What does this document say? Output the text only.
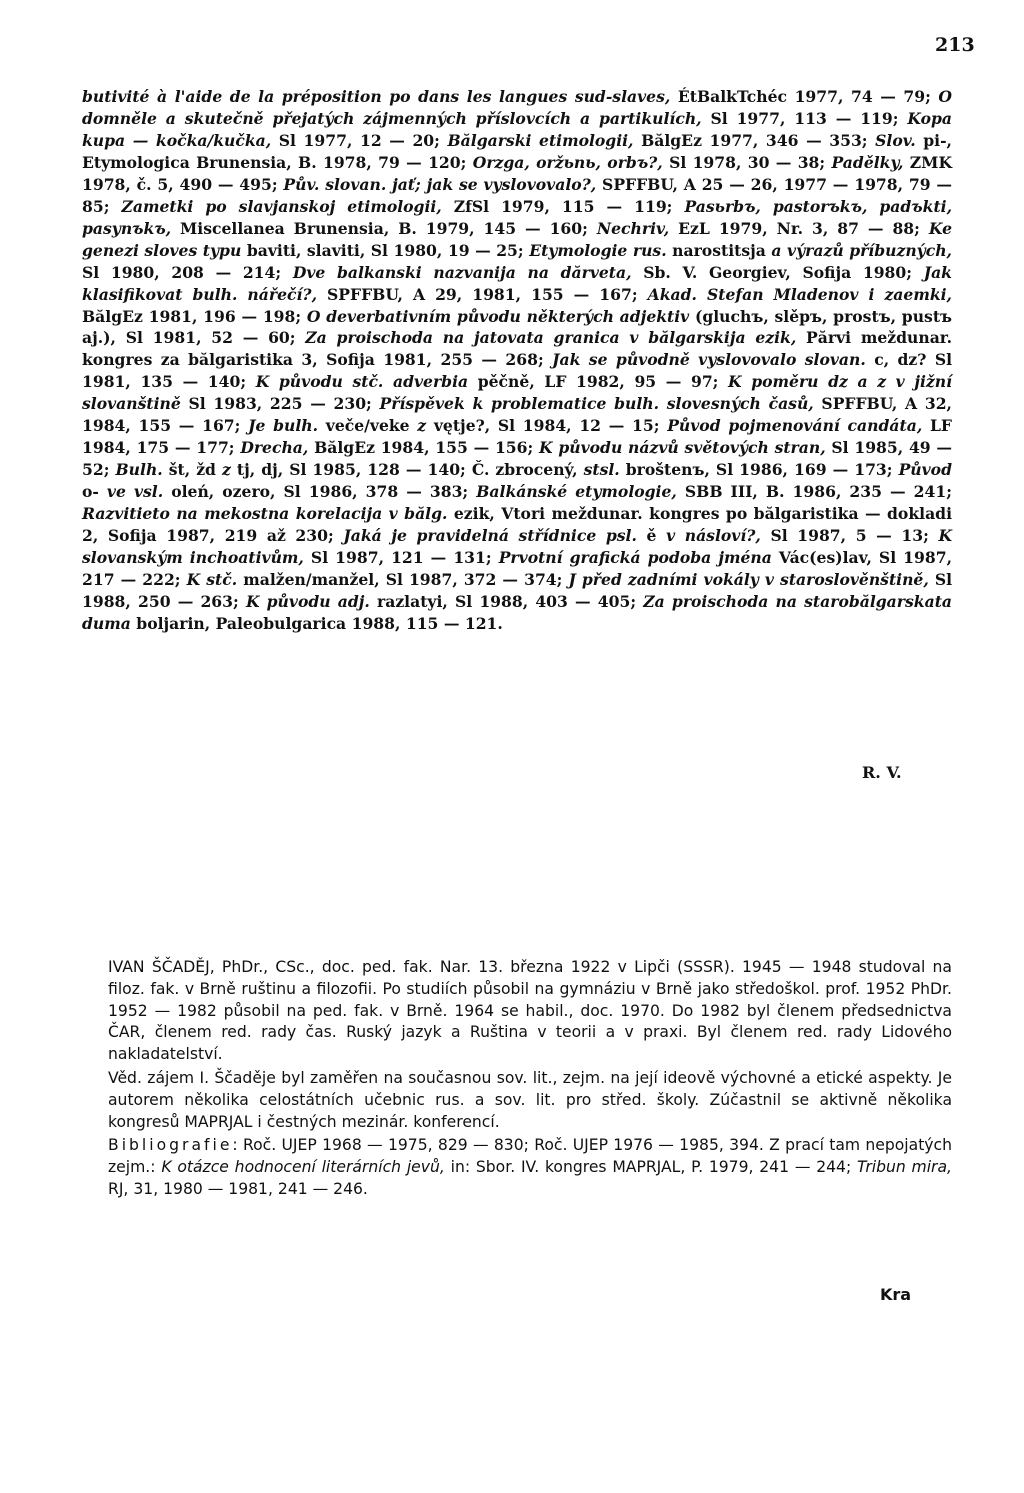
213

butivité à l'aide de la préposition po dans les langues sud-slaves, ÉtBalkTchéc 1977, 74 — 79; O domněle a skutečně přejatých zájmenných příslovcích a partikulích, Sl 1977, 113 — 119; Kopa kupa — kočka/kučka, Sl 1977, 12 — 20; Bălgarski etimologii, BălgEz 1977, 346 — 353; Slov. pi-, Etymologica Brunensia, B. 1978, 79 — 120; Orzga, oržьпь, orbъ?, Sl 1978, 30 — 38; Padělky, ZMK 1978, č. 5, 490 — 495; Pův. slovan. jať; jak se vyslovovalo?, SPFFBU, A 25 — 26, 1977 — 1978, 79 — 85; Zametki po slavjanskoj etimologii, ZfSl 1979, 115 — 119; Pasьrbъ, pastorъkъ, padъkti, pasynъkъ, Miscellanea Brunensia, B. 1979, 145 — 160; Nechriv, EzL 1979, Nr. 3, 87 — 88; Ke genezi sloves typu baviti, slaviti, Sl 1980, 19 — 25; Etymologie rus. narostitsja a výrazů příbuzných, Sl 1980, 208 — 214; Dve balkanski nazvanija na dărveta, Sb. V. Georgiev, Sofija 1980; Jak klasifikovat bulh. nářečí?, SPFFBU, A 29, 1981, 155 — 167; Akad. Stefan Mladenov i zaemki, BălgEz 1981, 196 — 198; O deverbativním původu některých adjektiv (gluchъ, slěpъ, prostъ, pustъ aj.), Sl 1981, 52 — 60; Za proischoda na jatovata granica v bălgarskija ezik, Părvi meždunar. kongres za bălgaristika 3, Sofija 1981, 255 — 268; Jak se původně vyslovovalo slovan. c, dz? Sl 1981, 135 — 140; K původu stč. adverbia pěčně, LF 1982, 95 — 97; K poměru dz a z v jižní slovanštině Sl 1983, 225 — 230; Příspěvek k problematice bulh. slovesných časů, SPFFBU, A 32, 1984, 155 — 167; Je bulh. veče/veke z vętje?, Sl 1984, 12 — 15; Původ pojmenování candáta, LF 1984, 175 — 177; Drecha, BălgEz 1984, 155 — 156; K původu názvů světových stran, Sl 1985, 49 — 52; Bulh. št, žd z tj, dj, Sl 1985, 128 — 140; Č. zbrocený, stsl. broštenъ, Sl 1986, 169 — 173; Původ o- ve vsl. oleń, ozero, Sl 1986, 378 — 383; Balkánské etymologie, SBB III, B. 1986, 235 — 241; Razvitieto na mekostna korelacija v bălg. ezik, Vtori meždunar. kongres po bălgaristika — dokladi 2, Sofija 1987, 219 až 230; Jaká je pravidelná střídnice psl. ě v násloví?, Sl 1987, 5 — 13; K slovanským inchoativům, Sl 1987, 121 — 131; Prvotní grafická podoba jména Vác(es)lav, Sl 1987, 217 — 222; K stč. malžen/manžel, Sl 1987, 372 — 374; J před zadními vokály v staroslověnštině, Sl 1988, 250 — 263; K původu adj. razlatyi, Sl 1988, 403 — 405; Za proischoda na starobălgarskata duma boljarin, Paleobulgarica 1988, 115 — 121.

R. V.

IVAN ŠČADĚJ, PhDr., CSc., doc. ped. fak. Nar. 13. března 1922 v Lipči (SSSR). 1945 — 1948 studoval na filoz. fak. v Brně ruštinu a filozofii. Po studiích působil na gymnáziu v Brně jako středoškol. prof. 1952 PhDr. 1952 — 1982 působil na ped. fak. v Brně. 1964 se habil., doc. 1970. Do 1982 byl členem předsednictva ČAR, členem red. rady čas. Ruský jazyk a Ruština v teorii a v praxi. Byl členem red. rady Lidového nakladatelství.

Věd. zájem I. Ščaděje byl zaměřen na současnou sov. lit., zejm. na její ideově výchovné a etické aspekty. Je autorem několika celostátních učebnic rus. a sov. lit. pro střed. školy. Zúčastnil se aktivně několika kongresů MAPRJAL i čestných mezinár. konferencí.

Bibliografie: Roč. UJEP 1968 — 1975, 829 — 830; Roč. UJEP 1976 — 1985, 394. Z prací tam nepojatých zejm.: K otázce hodnocení literárních jevů, in: Sbor. IV. kongres MAPRJAL, P. 1979, 241 — 244; Tribun mira, RJ, 31, 1980 — 1981, 241 — 246.

Kra
